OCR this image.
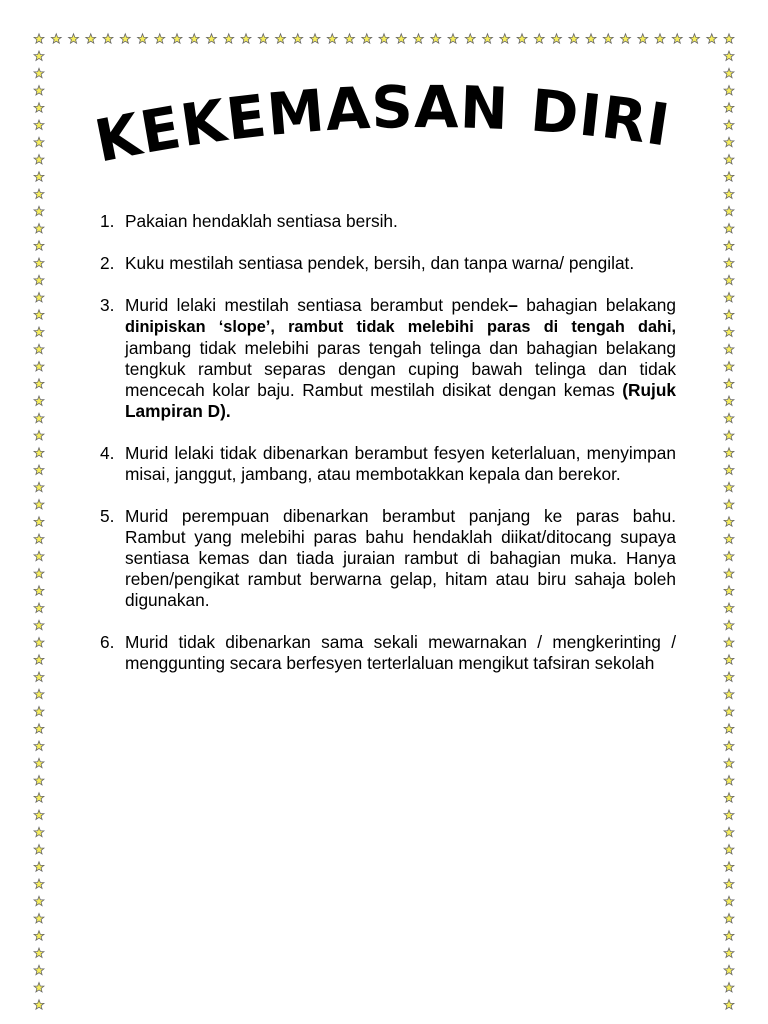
KEKEMASAN DIRI
1. Pakaian hendaklah sentiasa bersih.
2. Kuku mestilah sentiasa pendek, bersih, dan tanpa warna/ pengilat.
3. Murid lelaki mestilah sentiasa berambut pendek– bahagian belakang dinipiskan ‘slope’, rambut tidak melebihi paras di tengah dahi, jambang tidak melebihi paras tengah telinga dan bahagian belakang tengkuk rambut separas dengan cuping bawah telinga dan tidak mencecah kolar baju. Rambut mestilah disikat dengan kemas (Rujuk Lampiran D).
4. Murid lelaki tidak dibenarkan berambut fesyen keterlaluan, menyimpan misai, janggut, jambang, atau membotakkan kepala dan berekor.
5. Murid perempuan dibenarkan berambut panjang ke paras bahu. Rambut yang melebihi paras bahu hendaklah diikat/ditocang supaya sentiasa kemas dan tiada juraian rambut di bahagian muka. Hanya reben/pengikat rambut berwarna gelap, hitam atau biru sahaja boleh digunakan.
6. Murid tidak dibenarkan sama sekali mewarnakan / mengkerinting / menggunting secara berfesyen terterlaluan mengikut tafsiran sekolah
